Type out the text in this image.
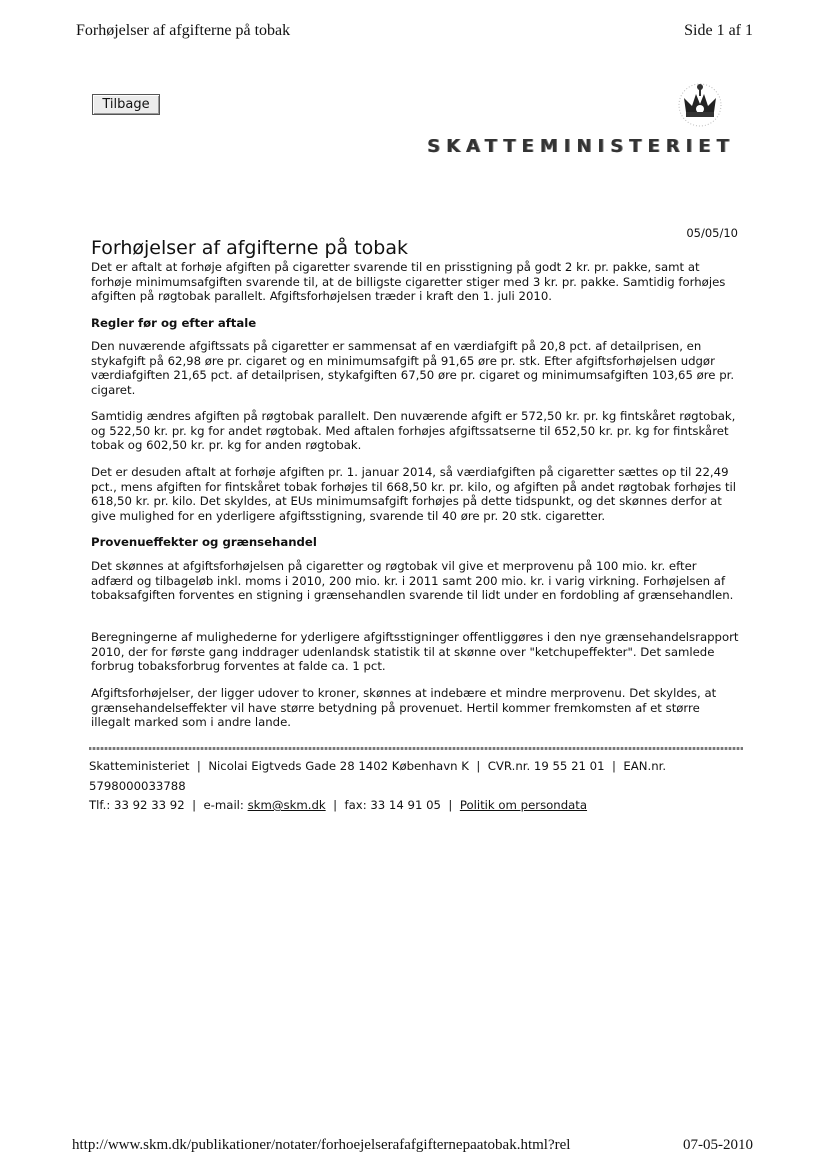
Forhøjelser af afgifterne på tobak	Side 1 af 1
Tilbage
SKATTEMINISTERIET
05/05/10
Forhøjelser af afgifterne på tobak

Det er aftalt at forhøje afgiften på cigaretter svarende til en prisstigning på godt 2 kr. pr. pakke, samt at forhøje minimumsafgiften svarende til, at de billigste cigaretter stiger med 3 kr. pr. pakke. Samtidig forhøjes afgiften på røgtobak parallelt. Afgiftsforhøjelsen træder i kraft den 1. juli 2010.

Regler før og efter aftale

Den nuværende afgiftssats på cigaretter er sammensat af en værdiafgift på 20,8 pct. af detailprisen, en stykafgift på 62,98 øre pr. cigaret og en minimumsafgift på 91,65 øre pr. stk. Efter afgiftsforhøjelsen udgør værdiafgiften 21,65 pct. af detailprisen, stykafgiften 67,50 øre pr. cigaret og minimumsafgiften 103,65 øre pr. cigaret.

Samtidig ændres afgiften på røgtobak parallelt. Den nuværende afgift er 572,50 kr. pr. kg fintskåret røgtobak, og 522,50 kr. pr. kg for andet røgtobak. Med aftalen forhøjes afgiftssatserne til 652,50 kr. pr. kg for fintskåret tobak og 602,50 kr. pr. kg for anden røgtobak.

Det er desuden aftalt at forhøje afgiften pr. 1. januar 2014, så værdiafgiften på cigaretter sættes op til 22,49 pct., mens afgiften for fintskåret tobak forhøjes til 668,50 kr. pr. kilo, og afgiften på andet røgtobak forhøjes til 618,50 kr. pr. kilo. Det skyldes, at EUs minimumsafgift forhøjes på dette tidspunkt, og det skønnes derfor at give mulighed for en yderligere afgiftsstigning, svarende til 40 øre pr. 20 stk. cigaretter.

Provenueffekter og grænsehandel

Det skønnes at afgiftsforhøjelsen på cigaretter og røgtobak vil give et merprovenu på 100 mio. kr. efter adfærd og tilbageløb inkl. moms i 2010, 200 mio. kr. i 2011 samt 200 mio. kr. i varig virkning. Forhøjelsen af tobaksafgiften forventes en stigning i grænsehandlen svarende til lidt under en fordobling af grænsehandlen.

Beregningerne af mulighederne for yderligere afgiftsstigninger offentliggøres i den nye grænsehandelsrapport 2010, der for første gang inddrager udenlandsk statistik til at skønne over "ketchupeffekter". Det samlede forbrug tobaksforbrug forventes at falde ca. 1 pct.

Afgiftsforhøjelser, der ligger udover to kroner, skønnes at indebære et mindre merprovenu. Det skyldes, at grænsehandelseffekter vil have større betydning på provenuet. Hertil kommer fremkomsten af et større illegalt marked som i andre lande.

Skatteministeriet | Nicolai Eigtveds Gade 28 1402 København K | CVR.nr. 19 55 21 01 | EAN.nr.
5798000033788
Tlf.: 33 92 33 92 | e-mail: skm@skm.dk | fax: 33 14 91 05 | Politik om persondata
http://www.skm.dk/publikationer/notater/forhoejelserafafgifternepaatobak.html?rel	07-05-2010
